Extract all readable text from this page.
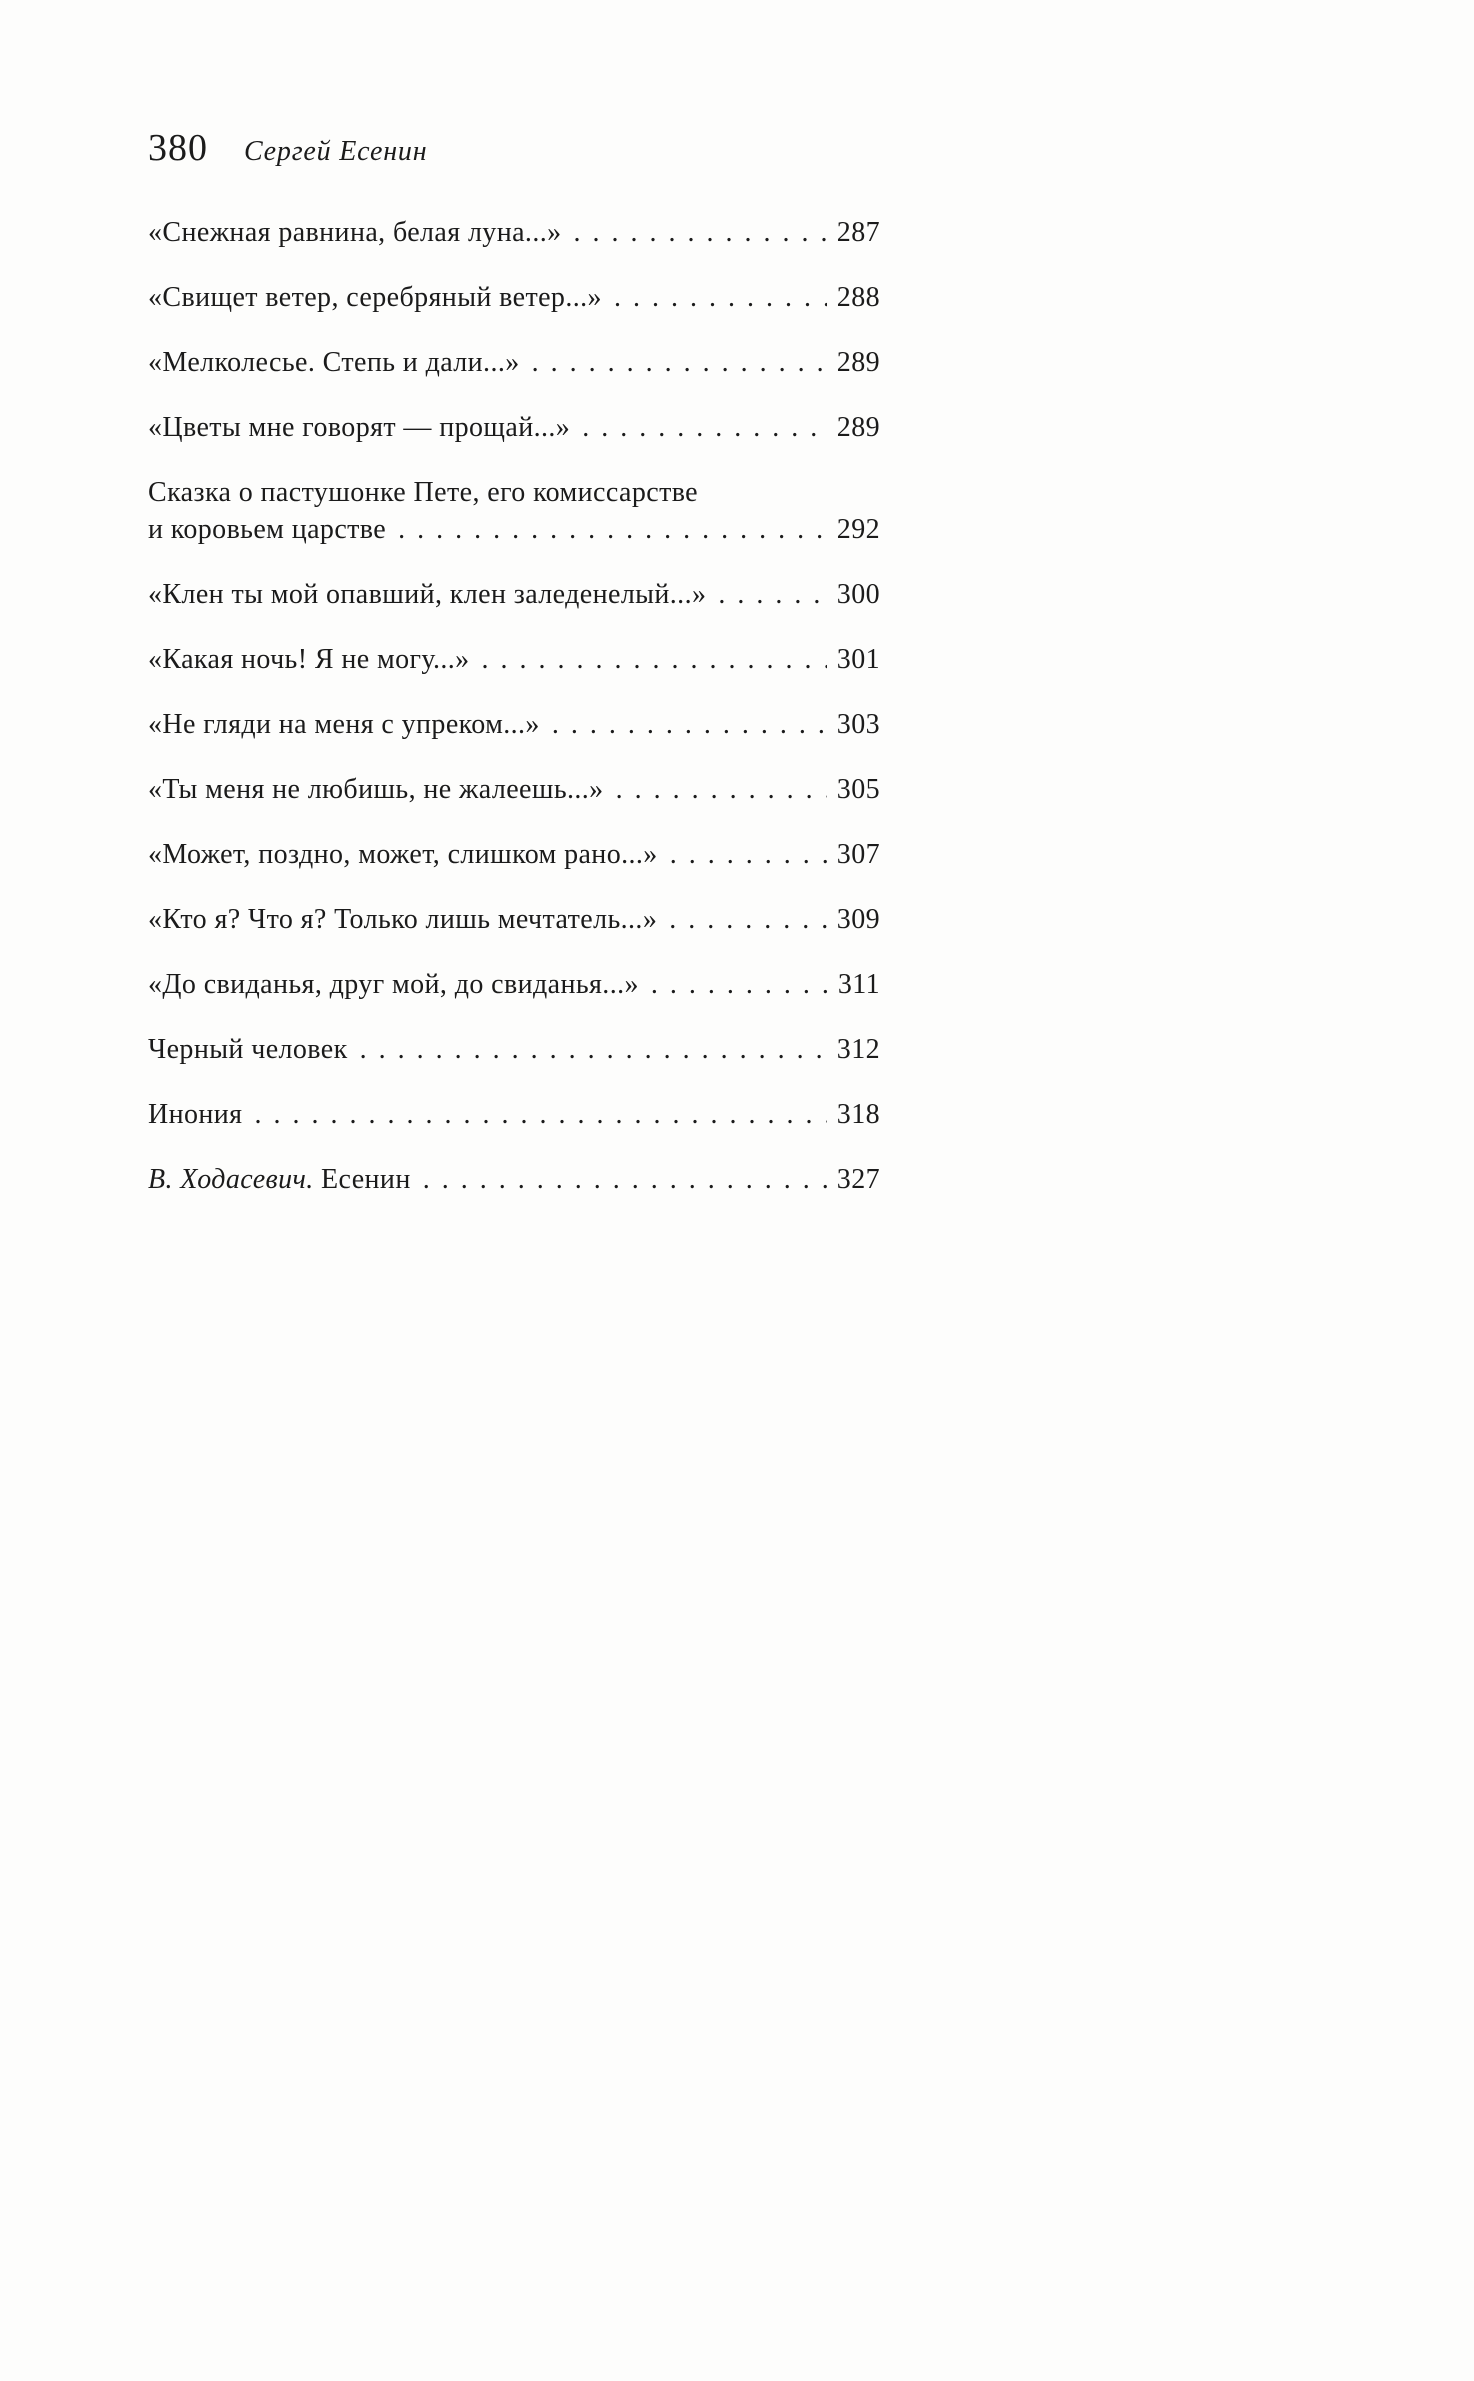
380 Сергей Есенин
«Снежная равнина, белая луна...» .....	287
«Свищет ветер, серебряный ветер...» .....	288
«Мелколесье. Степь и дали...» .....	289
«Цветы мне говорят — прощай...» .....	289
Сказка о пастушонке Пете, его комиссарстве
и коровьем царстве .....	292
«Клен ты мой опавший, клен заледенелый...» .....	300
«Какая ночь! Я не могу...» .....	301
«Не гляди на меня с упреком...» .....	303
«Ты меня не любишь, не жалеешь...» .....	305
«Может, поздно, может, слишком рано...» .....	307
«Кто я? Что я? Только лишь мечтатель...» .....	309
«До свиданья, друг мой, до свиданья...» .....	311
Черный человек .....	312
Инония .....	318
В. Ходасевич. Есенин .....	327
